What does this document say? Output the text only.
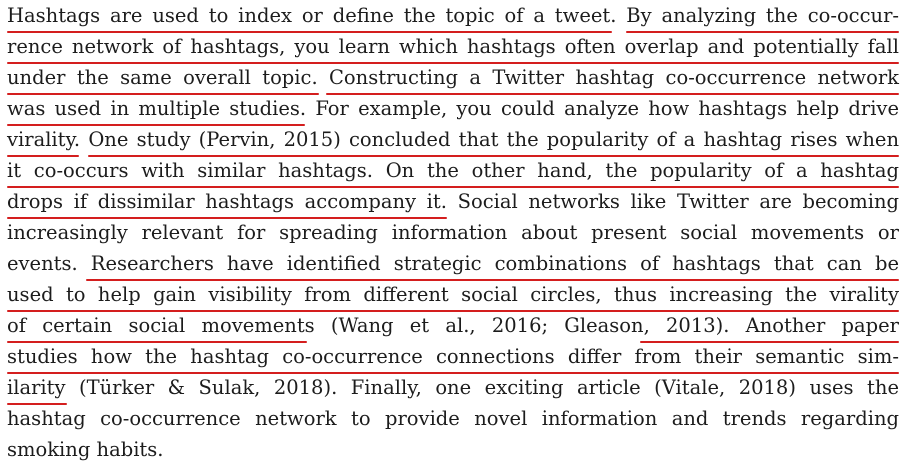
Hashtags are used to index or define the topic of a tweet. By analyzing the co-occur-
rence network of hashtags, you learn which hashtags often overlap and potentially fall
under the same overall topic. Constructing a Twitter hashtag co-occurrence network
was used in multiple studies. For example, you could analyze how hashtags help drive
virality. One study (Pervin, 2015) concluded that the popularity of a hashtag rises when
it co-occurs with similar hashtags. On the other hand, the popularity of a hashtag
drops if dissimilar hashtags accompany it. Social networks like Twitter are becoming
increasingly relevant for spreading information about present social movements or
events. Researchers have identified strategic combinations of hashtags that can be
used to help gain visibility from different social circles, thus increasing the virality
of certain social movements (Wang et al., 2016; Gleason, 2013). Another paper
studies how the hashtag co-occurrence connections differ from their semantic sim-
ilarity (Türker & Sulak, 2018). Finally, one exciting article (Vitale, 2018) uses the
hashtag co-occurrence network to provide novel information and trends regarding
smoking habits.
